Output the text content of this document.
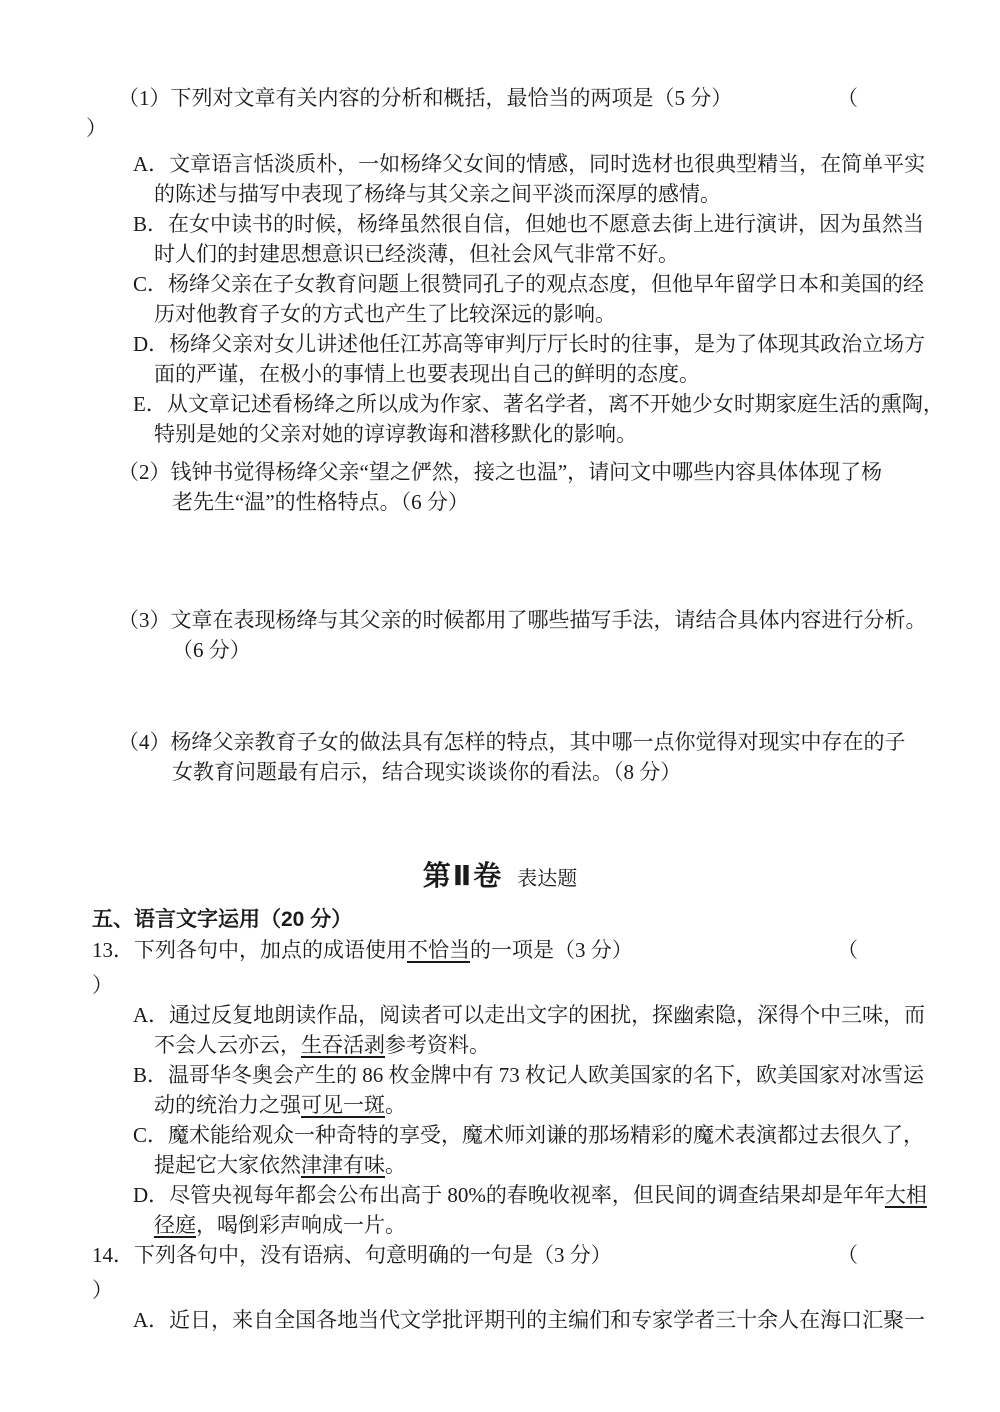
（1）下列对文章有关内容的分析和概括，最恰当的两项是（5 分）	（
）
A．文章语言恬淡质朴，一如杨绛父女间的情感，同时选材也很典型精当，在简单平实
的陈述与描写中表现了杨绛与其父亲之间平淡而深厚的感情。
B．在女中读书的时候，杨绛虽然很自信，但她也不愿意去街上进行演讲，因为虽然当
时人们的封建思想意识已经淡薄，但社会风气非常不好。
C．杨绛父亲在子女教育问题上很赞同孔子的观点态度，但他早年留学日本和美国的经
历对他教育子女的方式也产生了比较深远的影响。
D．杨绛父亲对女儿讲述他任江苏高等审判厅厅长时的往事，是为了体现其政治立场方
面的严谨，在极小的事情上也要表现出自己的鲜明的态度。
E．从文章记述看杨绛之所以成为作家、著名学者，离不开她少女时期家庭生活的熏陶，
特别是她的父亲对她的谆谆教诲和潜移默化的影响。
（2）钱钟书觉得杨绛父亲“望之俨然，接之也温”，请问文中哪些内容具体体现了杨
老先生“温”的性格特点。（6 分）
（3）文章在表现杨绛与其父亲的时候都用了哪些描写手法，请结合具体内容进行分析。
（6 分）
（4）杨绛父亲教育子女的做法具有怎样的特点，其中哪一点你觉得对现实中存在的子
女教育问题最有启示，结合现实谈谈你的看法。（8 分）
第Ⅱ卷 表达题
五、语言文字运用（20 分）
13．下列各句中，加点的成语使用不恰当的一项是（3 分）	（
）
A．通过反复地朗读作品，阅读者可以走出文字的困扰，探幽索隐，深得个中三味，而
不会人云亦云，生吞活剥参考资料。
B．温哥华冬奥会产生的 86 枚金牌中有 73 枚记人欧美国家的名下，欧美国家对冰雪运
动的统治力之强可见一斑。
C．魔术能给观众一种奇特的享受，魔术师刘谦的那场精彩的魔术表演都过去很久了，
提起它大家依然津津有味。
D．尽管央视每年都会公布出高于 80%的春晚收视率，但民间的调查结果却是年年大相
径庭，喝倒彩声响成一片。
14．下列各句中，没有语病、句意明确的一句是（3 分）	（
）
A．近日，来自全国各地当代文学批评期刊的主编们和专家学者三十余人在海口汇聚一
